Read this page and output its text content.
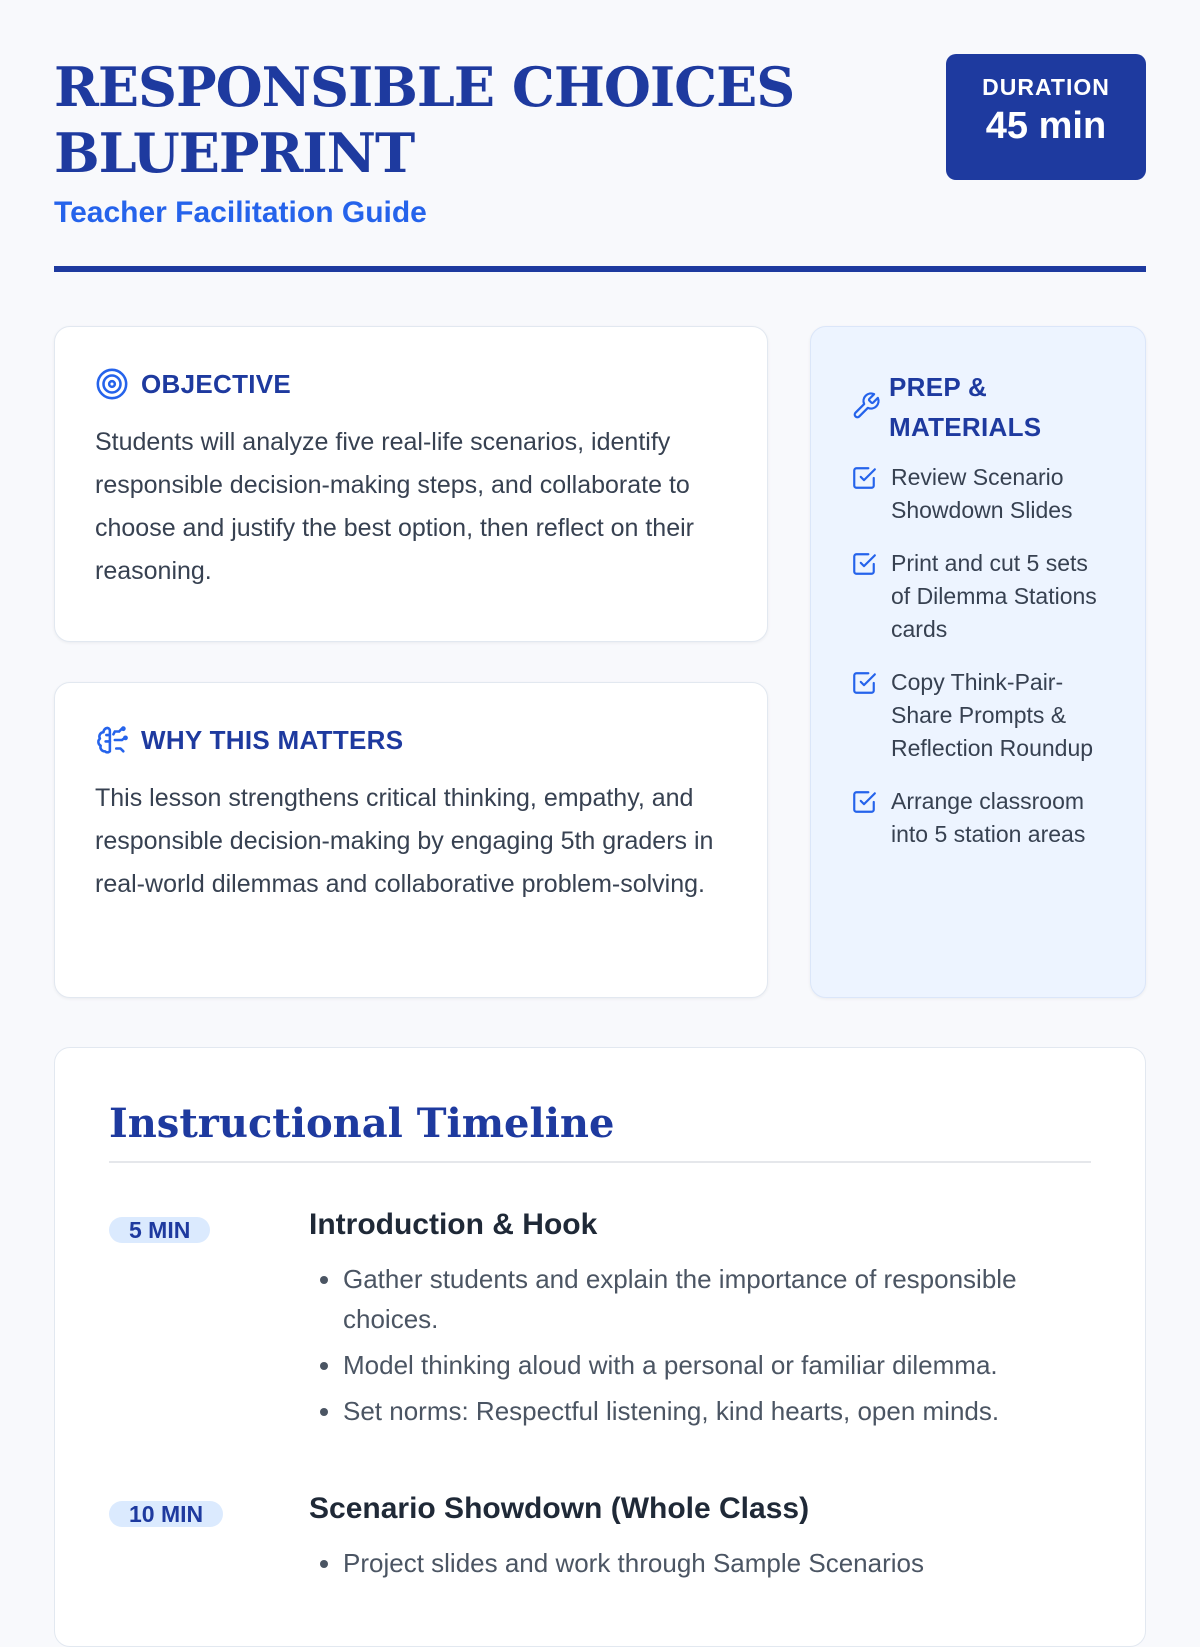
RESPONSIBLE CHOICES
BLUEPRINT
Teacher Facilitation Guide
DURATION
45 min
OBJECTIVE

Students will analyze five real-life scenarios, identify responsible decision-making steps, and collaborate to choose and justify the best option, then reflect on their reasoning.

WHY THIS MATTERS

This lesson strengthens critical thinking, empathy, and responsible decision-making by engaging 5th graders in real-world dilemmas and collaborative problem-solving.

PREP &
MATERIALS
Review Scenario Showdown Slides
Print and cut 5 sets of Dilemma Stations cards
Copy Think-Pair-Share Prompts & Reflection Roundup
Arrange classroom into 5 station areas
Instructional Timeline
5 MIN	Introduction & Hook
• Gather students and explain the importance of responsible choices.
• Model thinking aloud with a personal or familiar dilemma.
• Set norms: Respectful listening, kind hearts, open minds.
10 MIN	Scenario Showdown (Whole Class)
• Project slides and work through Sample Scenarios
